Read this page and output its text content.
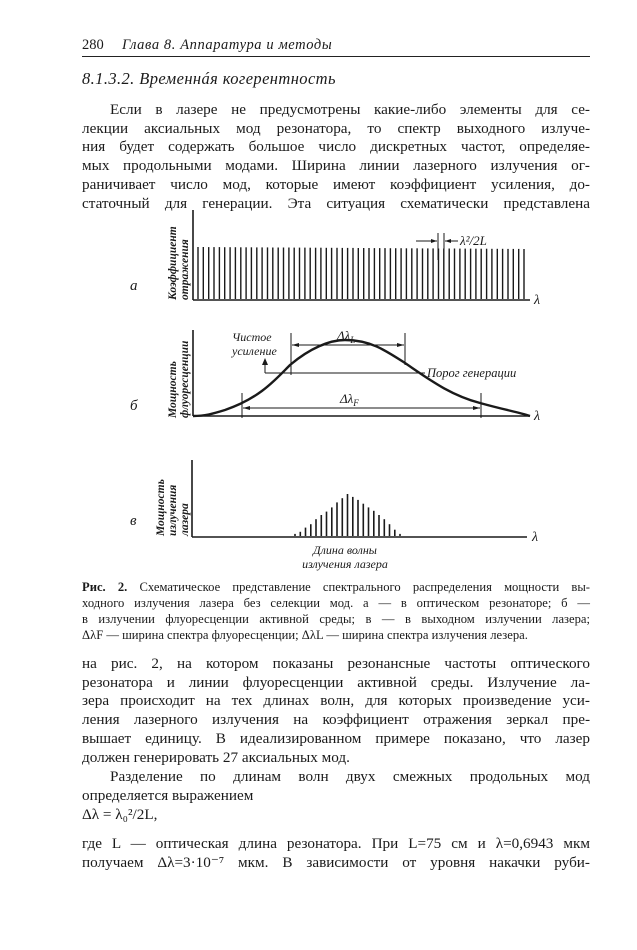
280 Глава 8. Аппаратура и методы
8.1.3.2. Временнáя когерентность
Если в лазере не предусмотрены какие-либо элементы для се-
лекции аксиальных мод резонатора, то спектр выходного излуче-
ния будет содержать большое число дискретных частот, определяе-
мых продольными модами. Ширина линии лазерного излучения ог-
раничивает число мод, которые имеют коэффициент усиления, до-
статочный для генерации. Эта ситуация схематически представлена
а	Коэффициент отражения	λ²/2L
λ
б	Мощность флуоресценции	Порог генерации
Чистое
усиление
$\Delta\lambda_L$
$\Delta\lambda_F$
λ
в Мощность излучения лазера
Длина волны
излучения лазера
λ
Рис. 2. Схематическое представление спектрального распределения мощности вы-
ходного излучения лазера без селекции мод. а — в оптическом резонаторе; б —
в излучении флуоресценции активной среды; в — в выходном излучении лазера;
ΔλF — ширина спектра флуоресценции; ΔλL — ширина спектра излучения лезера.
на рис. 2, на котором показаны резонансные частоты оптического
резонатора и линии флуоресценции активной среды. Излучение ла-
зера происходит на тех длинах волн, для которых произведение уси-
ления лазерного излучения на коэффициент отражения зеркал пре-
вышает единицу. В идеализированном примере показано, что лазер
должен генерировать 27 аксиальных мод.
Разделение по длинам волн двух смежных продольных мод
определяется выражением
Δλ = λ₀²/2L,
где L — оптическая длина резонатора. При L=75 см и λ=0,6943 мкм
получаем Δλ=3·10⁻⁷ мкм. В зависимости от уровня накачки руби-
